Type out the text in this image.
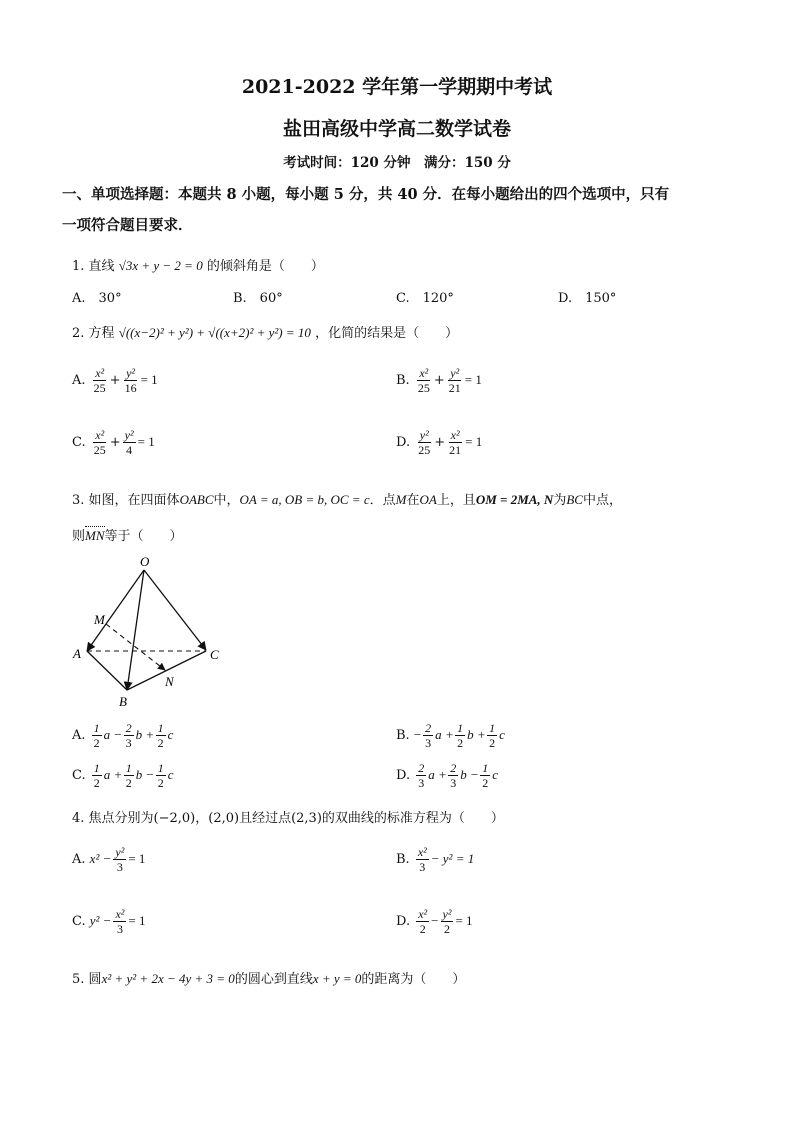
2021-2022 学年第一学期期中考试
盐田高级中学高二数学试卷
考试时间：120 分钟　满分：150 分
一、单项选择题：本题共 8 小题，每小题 5 分，共 40 分．在每小题给出的四个选项中，只有
一项符合题目要求．
1. 直线 √3x + y − 2 = 0 的倾斜角是（　　）
A.　30°	B.　60°	C.　120°	D.　150°
2. 方程 √((x−2)² + y²) + √((x+2)² + y²) = 10 ，化简的结果是（　　）
A. $\frac{\text{x²}}{25} + \frac{\text{y²}}{16} = 1$	B. $\frac{\text{x²}}{25} + \frac{\text{y²}}{21} = 1$
C. $\frac{\text{x²}}{25} + \frac{\text{y²}}{4} = 1$	D. $\frac{\text{y²}}{25} + \frac{\text{x²}}{21} = 1$
3. 如图，在四面体OABC中，OA = a, OB = b, OC = c．点M在OA上，且OM = 2MA, N为BC中点，
则MN等于（　　）
O
M
A	C
N
B
A. $\frac{1}{2}$ $a - \frac{2}{3}$ $b + \frac{1}{2}$ c	B. − $\frac{2}{3}$ $a + \frac{1}{2}$ $b + \frac{1}{2}$ c
C. $\frac{1}{2}$ $a + \frac{1}{2}$ $b - \frac{1}{2}$ c	D. $\frac{2}{3}$ $a + \frac{2}{3}$ $b - \frac{1}{2}$ c
4. 焦点分别为(−2,0)，(2,0)且经过点(2,3)的双曲线的标准方程为（　　）
A. $x^2 - \frac{\text{y²}}{3} = 1$	B. $\frac{\text{x²}}{3} - y^2 = 1$
C. $y^2 - \frac{\text{x²}}{3} = 1$	D. $\frac{\text{x²}}{2} - \frac{\text{y²}}{2} = 1$
5. 圆x² + y² + 2x − 4y + 3 = 0的圆心到直线x + y = 0的距离为（　　）
